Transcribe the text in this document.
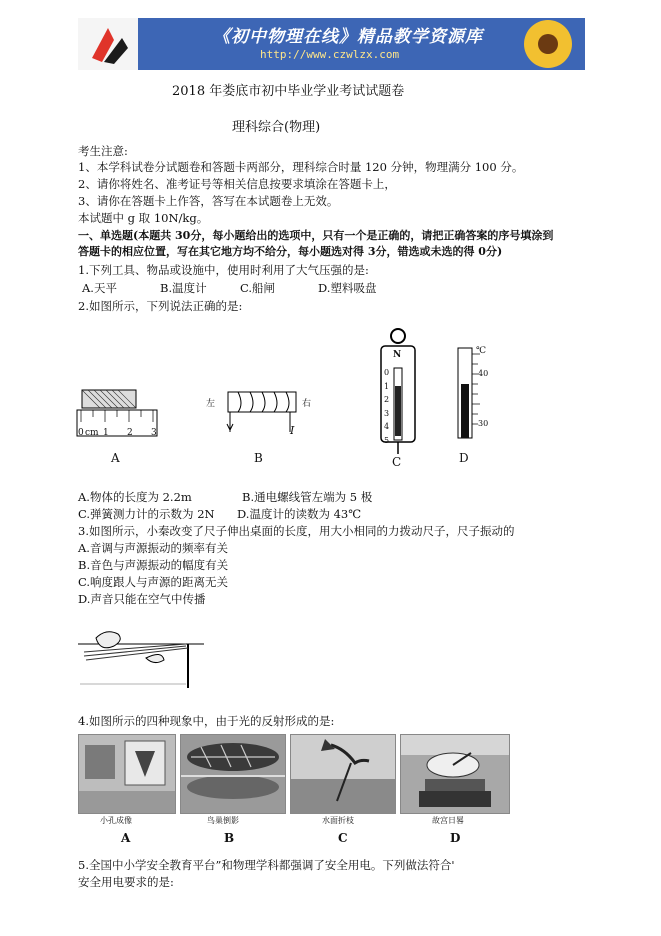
《初中物理在线》精品教学资源库
http://www.czwlzx.com
2018 年娄底市初中毕业学业考试试题卷
理科综合(物理)
考生注意:
1、本学科试卷分试题卷和答题卡两部分，理科综合时量 120 分钟，物理满分 100 分。
2、请你将姓名、准考证号等相关信息按要求填涂在答题卡上，
3、请你在答题卡上作答，答写在本试题卷上无效。
本试题中 g 取 10N/kg。
一、单选题(本题共 30分，每小题给出的选项中，只有一个是正确的，请把正确答案的序号填涂到
答题卡的相应位置，写在其它地方均不给分，每小题选对得 3分，错选或未选的得 0分)
1.下列工具、物品或设施中，使用时利用了大气压强的是:
A.天平	B.温度计	C.船闸	D.塑料吸盘
2.如图所示，下列说法正确的是:
0 cm 1 2 3
A
左	右
I
B
N
0
1
2
3
4
5
C
℃
40
30
D
A.物体的长度为 2.2m	B.通电螺线管左端为 5 极
C.弹簧测力计的示数为 2N D.温度计的读数为 43℃
3.如图所示，小秦改变了尺子伸出桌面的长度，用大小相同的力拨动尺子，尺子振动的
A.音调与声源振动的频率有关
B.音色与声源振动的幅度有关
C.响度跟人与声源的距离无关
D.声音只能在空气中传播
4.如图所示的四种现象中，由于光的反射形成的是:
小孔成像	鸟巢倒影	水面折枝	故宫日晷
A	B	C	D
5.全国中小学安全教育平台”和物理学科都强调了安全用电。下列做法符合'
安全用电要求的是:
